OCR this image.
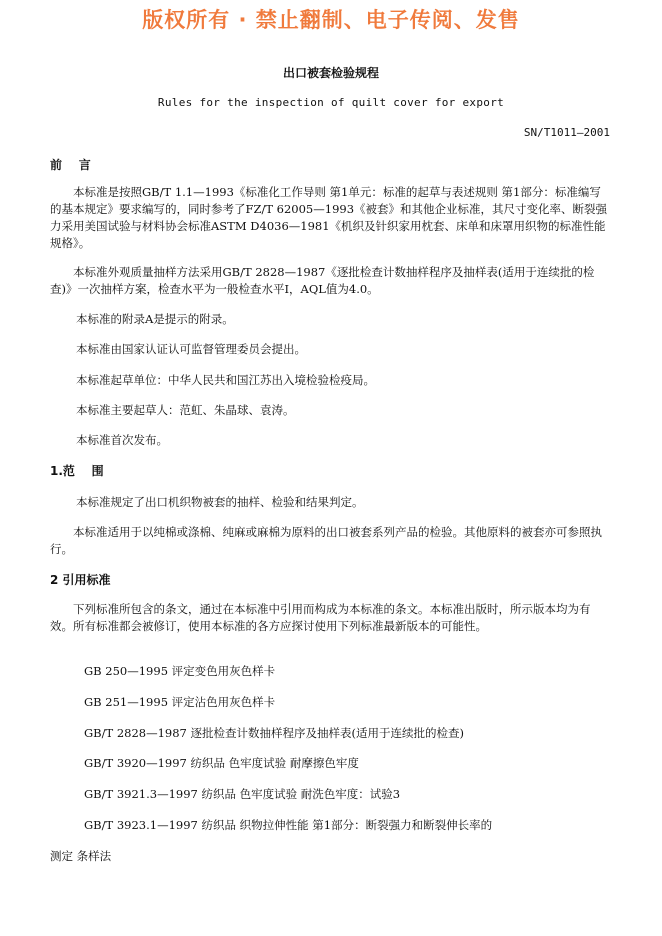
版权所有 · 禁止翻制、电子传阅、发售
出口被套检验规程
Rules for the inspection of quilt cover for export
SN/T1011—2001
前    言
本标准是按照GB/T 1.1—1993《标准化工作导则 第1单元：标准的起草与表述规则 第1部分：标准编写的基本规定》要求编写的，同时参考了FZ/T 62005—1993《被套》和其他企业标准，其尺寸变化率、断裂强力采用美国试验与材料协会标准ASTM D4036—1981《机织及针织家用枕套、床单和床罩用织物的标准性能规格》。
本标准外观质量抽样方法采用GB/T 2828—1987《逐批检查计数抽样程序及抽样表(适用于连续批的检查)》一次抽样方案，检查水平为一般检查水平Ⅰ，AQL值为4.0。
本标准的附录A是提示的附录。
本标准由国家认证认可监督管理委员会提出。
本标准起草单位：中华人民共和国江苏出入境检验检疫局。
本标准主要起草人：范虹、朱晶球、袁涛。
本标准首次发布。
1.范    围
本标准规定了出口机织物被套的抽样、检验和结果判定。
本标准适用于以纯棉或涤棉、纯麻或麻棉为原料的出口被套系列产品的检验。其他原料的被套亦可参照执行。
2 引用标准
下列标准所包含的条文，通过在本标准中引用而构成为本标准的条文。本标准出版时，所示版本均为有效。所有标准都会被修订，使用本标准的各方应探讨使用下列标准最新版本的可能性。
GB 250—1995 评定变色用灰色样卡
GB 251—1995 评定沾色用灰色样卡
GB/T 2828—1987 逐批检查计数抽样程序及抽样表(适用于连续批的检查)
GB/T 3920—1997 纺织品 色牢度试验 耐摩擦色牢度
GB/T 3921.3—1997 纺织品 色牢度试验 耐洗色牢度：试验3
GB/T 3923.1—1997 纺织品 织物拉伸性能 第1部分：断裂强力和断裂伸长率的
测定 条样法
